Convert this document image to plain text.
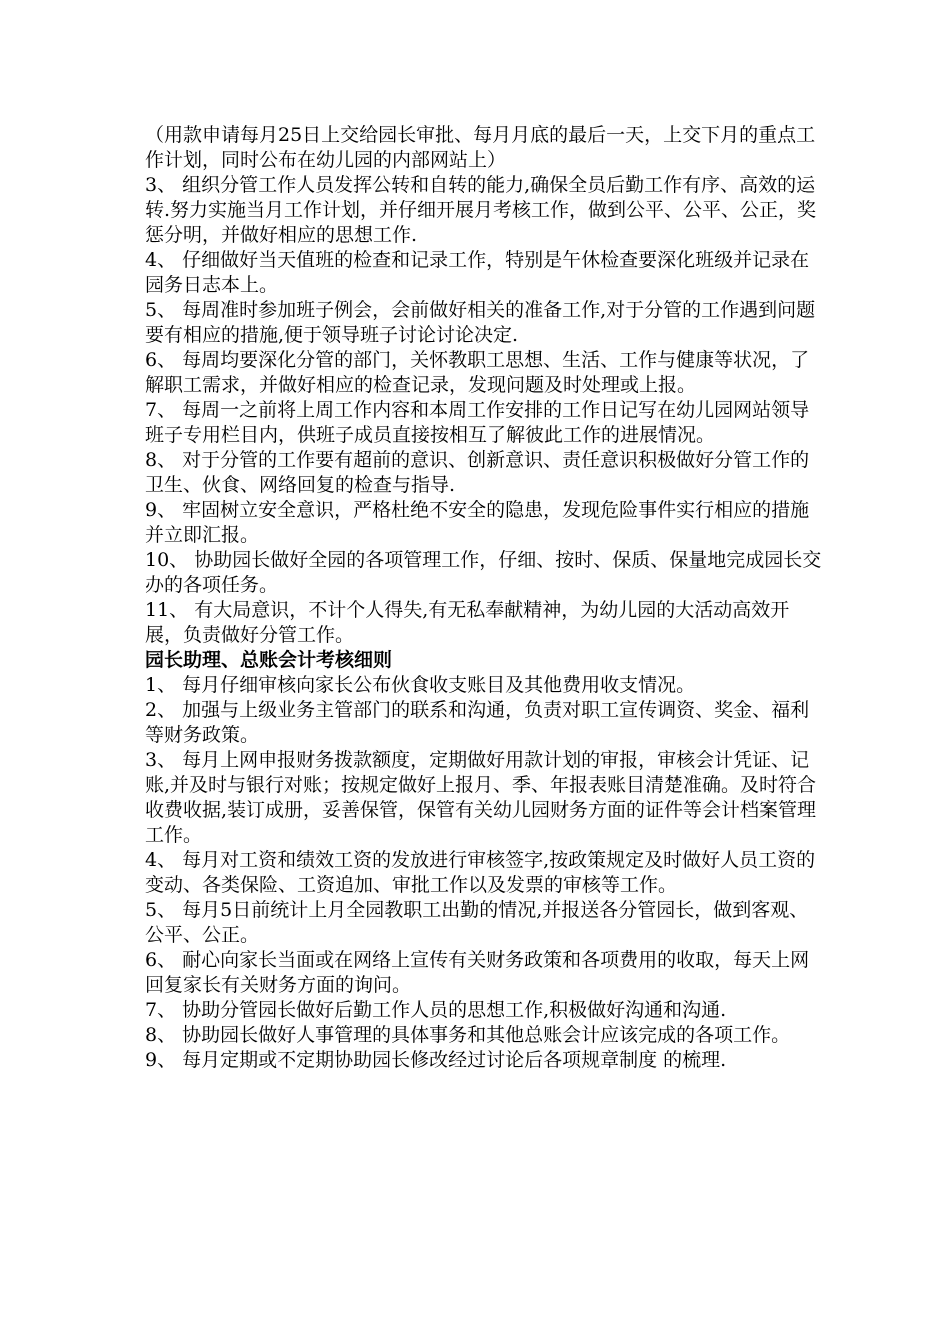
（用款申请每月25日上交给园长审批、每月月底的最后一天，上交下月的重点工作计划，同时公布在幼儿园的内部网站上）

3、 组织分管工作人员发挥公转和自转的能力,确保全员后勤工作有序、高效的运转.努力实施当月工作计划，并仔细开展月考核工作，做到公平、公平、公正，奖惩分明，并做好相应的思想工作.

4、 仔细做好当天值班的检查和记录工作，特别是午休检查要深化班级并记录在园务日志本上。

5、 每周准时参加班子例会，会前做好相关的准备工作,对于分管的工作遇到问题要有相应的措施,便于领导班子讨论讨论决定.

6、 每周均要深化分管的部门，关怀教职工思想、生活、工作与健康等状况，了解职工需求，并做好相应的检查记录，发现问题及时处理或上报。

7、 每周一之前将上周工作内容和本周工作安排的工作日记写在幼儿园网站领导班子专用栏目内，供班子成员直接按相互了解彼此工作的进展情况。

8、 对于分管的工作要有超前的意识、创新意识、责任意识积极做好分管工作的卫生、伙食、网络回复的检查与指导.

9、 牢固树立安全意识，严格杜绝不安全的隐患，发现危险事件实行相应的措施并立即汇报。

10、 协助园长做好全园的各项管理工作，仔细、按时、保质、保量地完成园长交办的各项任务。

11、 有大局意识，不计个人得失,有无私奉献精神，为幼儿园的大活动高效开展，负责做好分管工作。

园长助理、总账会计考核细则

1、 每月仔细审核向家长公布伙食收支账目及其他费用收支情况。

2、 加强与上级业务主管部门的联系和沟通，负责对职工宣传调资、奖金、福利等财务政策。

3、 每月上网申报财务拨款额度，定期做好用款计划的审报，审核会计凭证、记账,并及时与银行对账；按规定做好上报月、季、年报表账目清楚准确。及时符合收费收据,装订成册，妥善保管，保管有关幼儿园财务方面的证件等会计档案管理工作。

4、 每月对工资和绩效工资的发放进行审核签字,按政策规定及时做好人员工资的变动、各类保险、工资追加、审批工作以及发票的审核等工作。

5、 每月5日前统计上月全园教职工出勤的情况,并报送各分管园长，做到客观、公平、公正。

6、 耐心向家长当面或在网络上宣传有关财务政策和各项费用的收取，每天上网回复家长有关财务方面的询问。

7、 协助分管园长做好后勤工作人员的思想工作,积极做好沟通和沟通.

8、 协助园长做好人事管理的具体事务和其他总账会计应该完成的各项工作。

9、 每月定期或不定期协助园长修改经过讨论后各项规章制度 的梳理.
